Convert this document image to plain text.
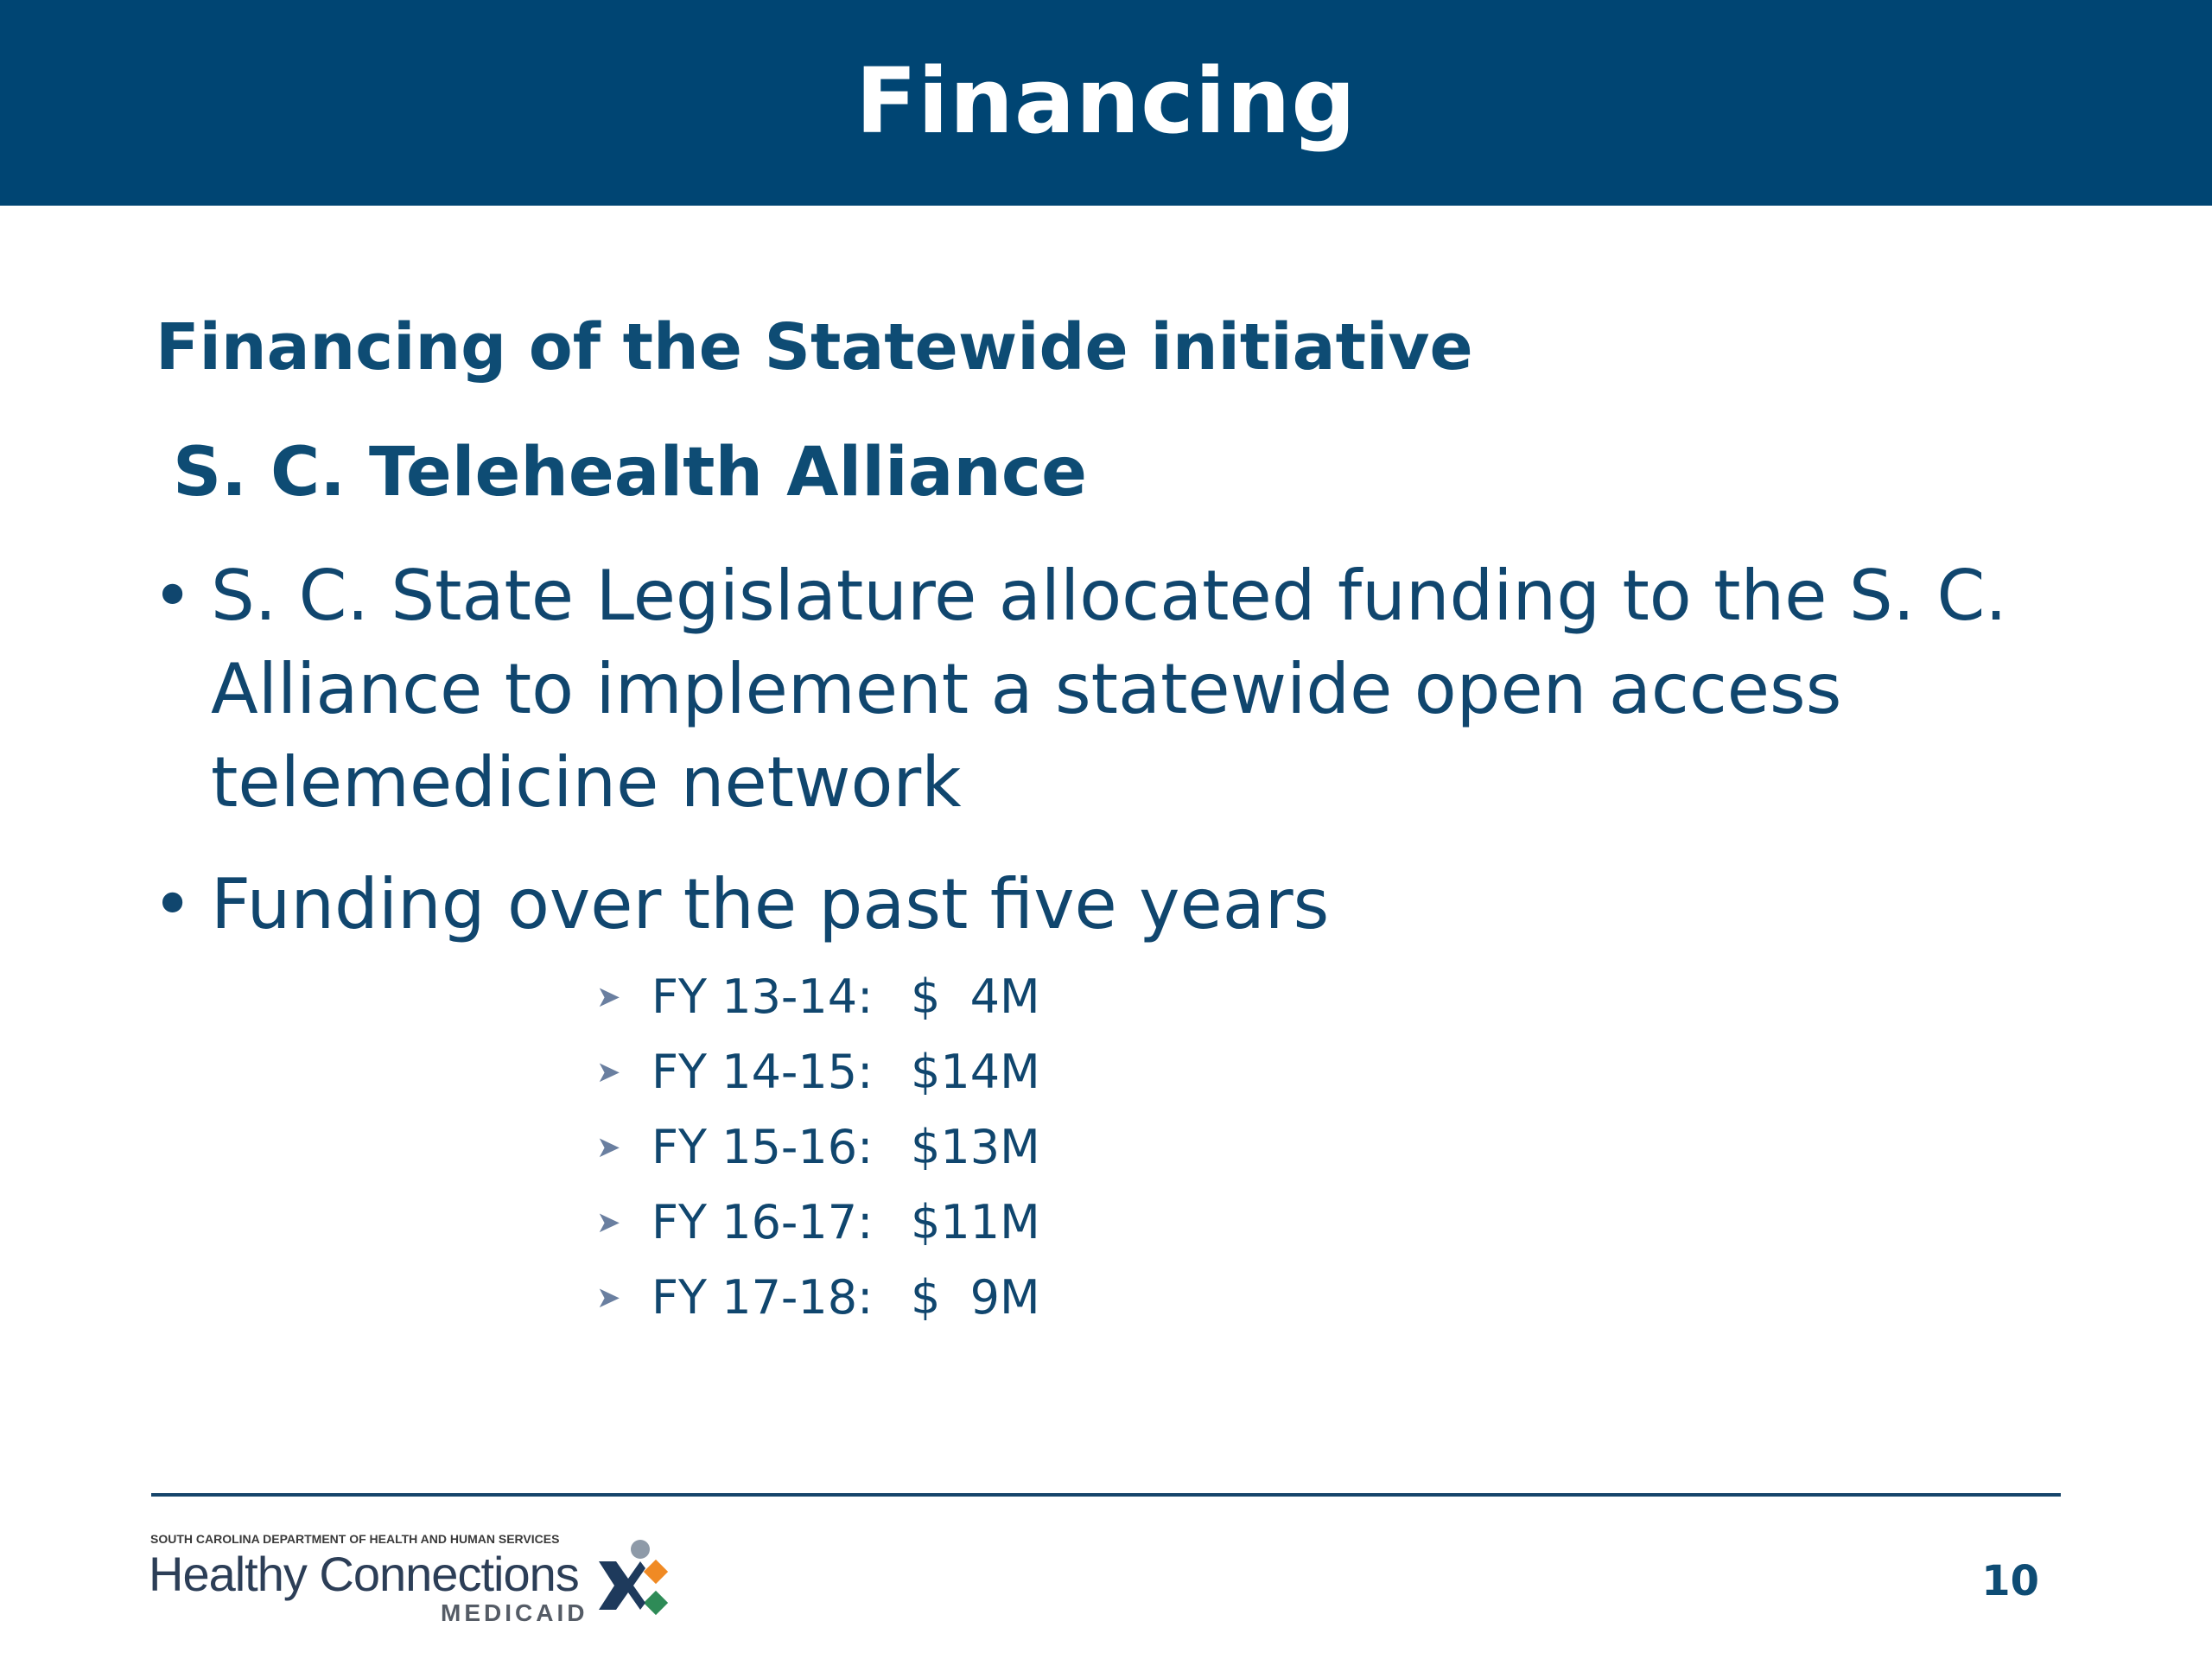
Financing
Financing of the Statewide initiative
S. C. Telehealth Alliance
• S. C. State Legislature allocated funding to the S. C.
Alliance to implement a statewide open access
telemedicine network
• Funding over the past five years
➤ FY 13-14: $  4M
➤ FY 14-15: $14M
➤ FY 15-16: $13M
➤ FY 16-17: $11M
➤ FY 17-18: $  9M
SOUTH CAROLINA DEPARTMENT OF HEALTH AND HUMAN SERVICES
Healthy Connections
MEDICAID
10
